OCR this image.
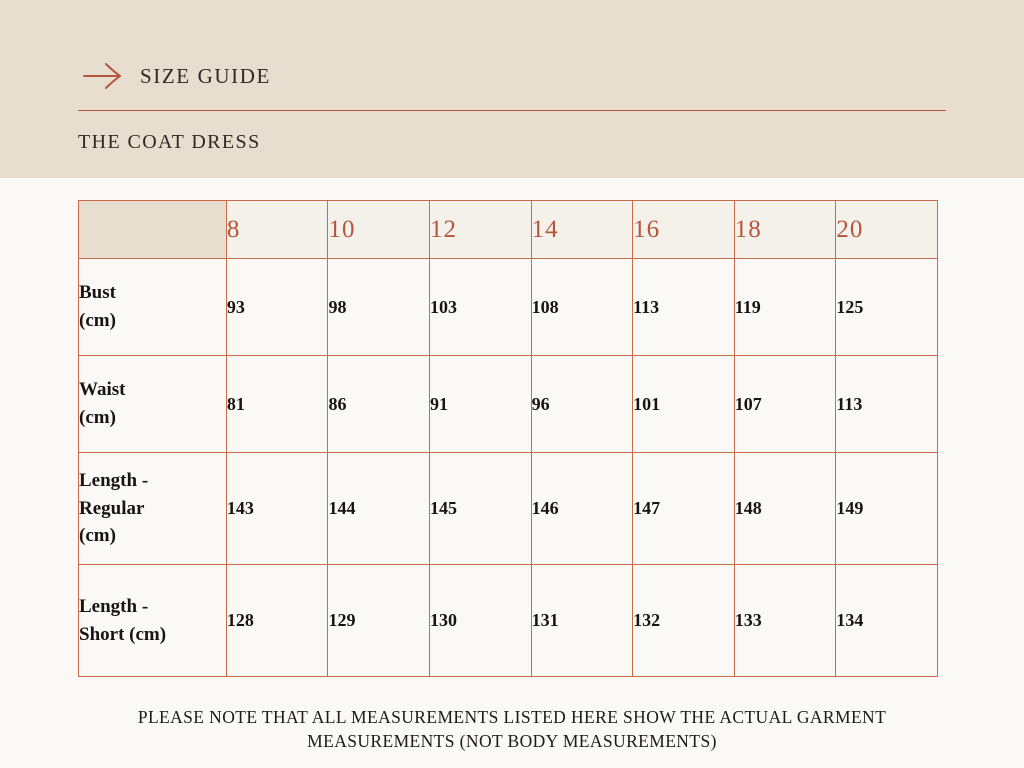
SIZE GUIDE
THE COAT DRESS
	8	10	12	14	16	18	20
Bust
(cm)	93	98	103	108	113	119	125
Waist
(cm)	81	86	91	96	101	107	113
Length -
Regular
(cm)	143	144	145	146	147	148	149
Length -
Short (cm)	128	129	130	131	132	133	134
PLEASE NOTE THAT ALL MEASUREMENTS LISTED HERE SHOW THE ACTUAL GARMENT
MEASUREMENTS (NOT BODY MEASUREMENTS)
